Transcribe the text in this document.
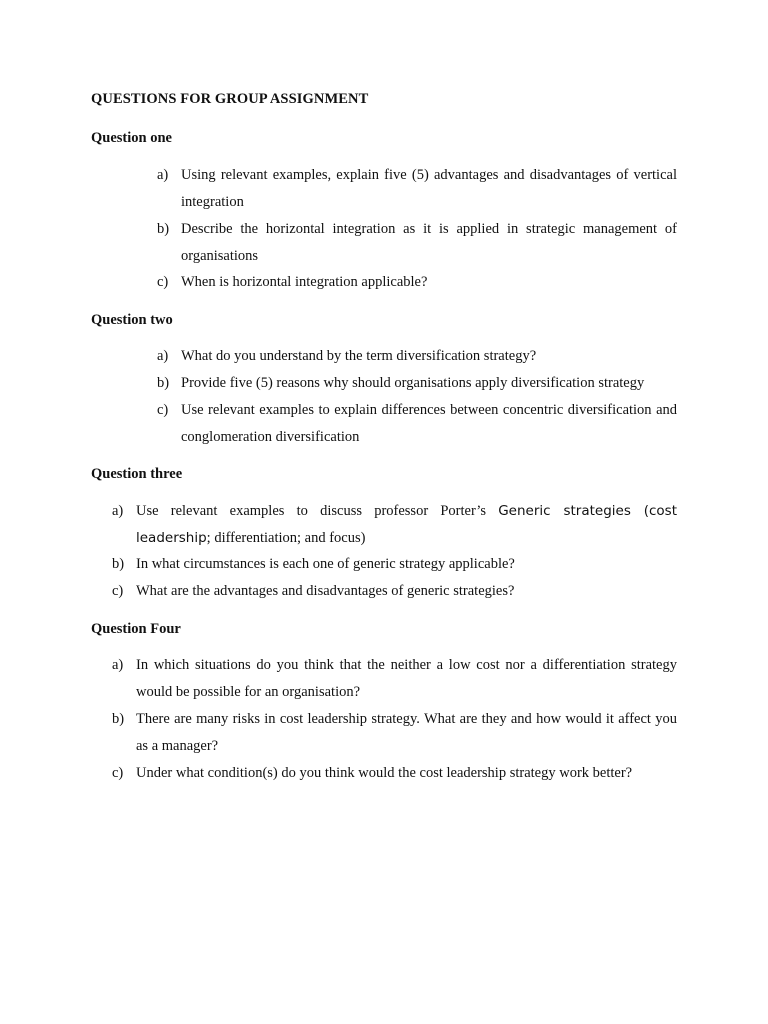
QUESTIONS FOR GROUP ASSIGNMENT
Question one
a) Using relevant examples, explain five (5) advantages and disadvantages of vertical integration
b) Describe the horizontal integration as it is applied in strategic management of organisations
c) When is horizontal integration applicable?
Question two
a) What do you understand by the term diversification strategy?
b) Provide five (5) reasons why should organisations apply diversification strategy
c) Use relevant examples to explain differences between concentric diversification and conglomeration diversification
Question three
a) Use relevant examples to discuss professor Porter’s Generic strategies (cost leadership; differentiation; and focus)
b) In what circumstances is each one of generic strategy applicable?
c) What are the advantages and disadvantages of generic strategies?
Question Four
a) In which situations do you think that the neither a low cost nor a differentiation strategy would be possible for an organisation?
b) There are many risks in cost leadership strategy. What are they and how would it affect you as a manager?
c) Under what condition(s) do you think would the cost leadership strategy work better?
